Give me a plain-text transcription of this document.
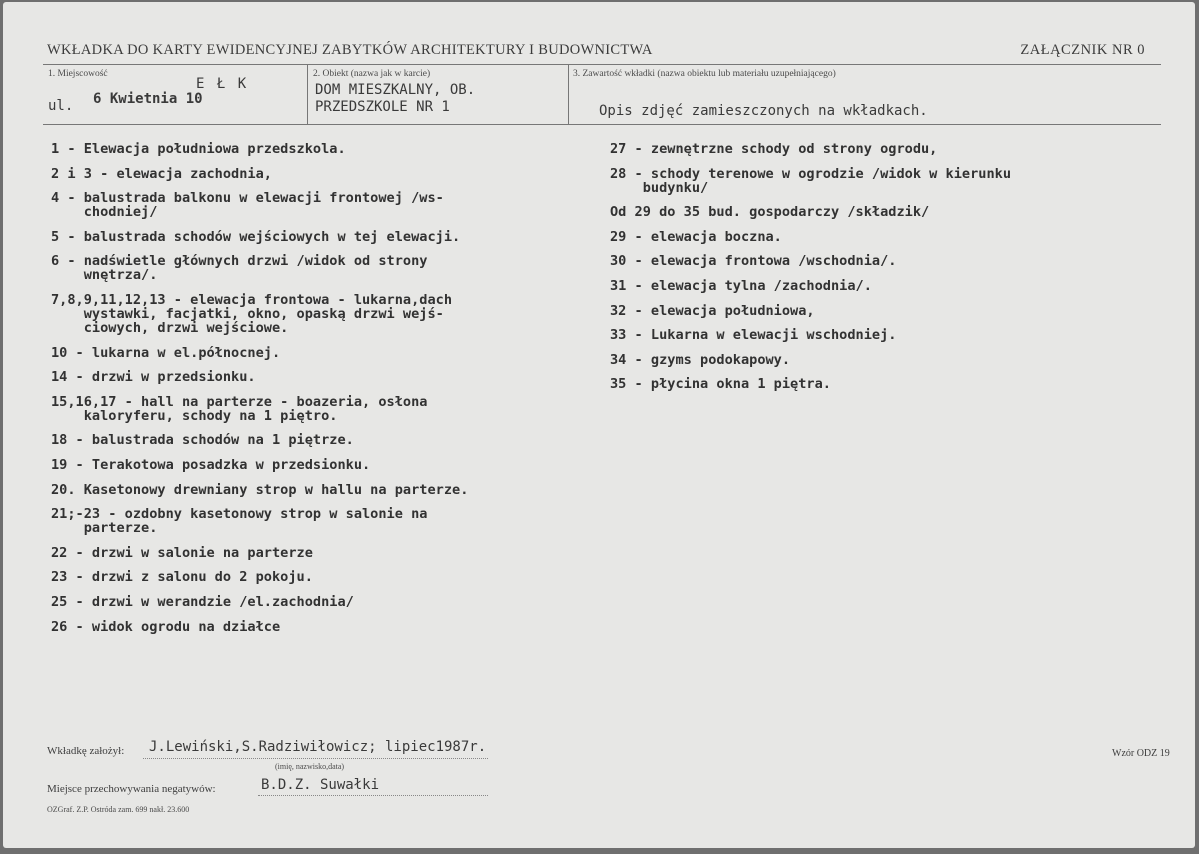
WKŁADKA DO KARTY EWIDENCYJNEJ ZABYTKÓW ARCHITEKTURY I BUDOWNICTWA	ZAŁĄCZNIK NR 0
1. Miejscowość
E Ł K
ul. 6 Kwietnia 10
2. Obiekt (nazwa jak w karcie)
DOM MIESZKALNY, OB.
PRZEDSZKOLE NR 1
3. Zawartość wkładki (nazwa obiektu lub materiału uzupełniającego)
Opis zdjęć zamieszczonych na wkładkach.
1 - Elewacja południowa przedszkola.
2 i 3 - elewacja zachodnia,
4 - balustrada balkonu w elewacji frontowej /ws-
chodniej/
5 - balustrada schodów wejściowych w tej elewacji.
6 - nadświetle głównych drzwi /widok od strony
wnętrza/.
7,8,9,11,12,13 - elewacja frontowa - lukarna,dach
wystawki, facjatki, okno, opaską drzwi wejś-
ciowych, drzwi wejściowe.
10 - lukarna w el.północnej.
14 - drzwi w przedsionku.
15,16,17 - hall na parterze - boazeria, osłona
kaloryferu, schody na 1 piętro.
18 - balustrada schodów na 1 piętrze.
19 - Terakotowa posadzka w przedsionku.
20. Kasetonowy drewniany strop w hallu na parterze.
21;-23 - ozdobny kasetonowy strop w salonie na
parterze.
22 - drzwi w salonie na parterze
23 - drzwi z salonu do 2 pokoju.
25 - drzwi w werandzie /el.zachodnia/
26 - widok ogrodu na działce
27 - zewnętrzne schody od strony ogrodu,
28 - schody terenowe w ogrodzie /widok w kierunku
budynku/
Od 29 do 35 bud. gospodarczy /składzik/
29 - elewacja boczna.
30 - elewacja frontowa /wschodnia/.
31 - elewacja tylna /zachodnia/.
32 - elewacja południowa,
33 - Lukarna w elewacji wschodniej.
34 - gzyms podokapowy.
35 - płycina okna 1 piętra.
Wkładkę założył: J.Lewiński,S.Radziwiłowicz; lipiec1987r.
(imię, nazwisko,data)
Miejsce przechowywania negatywów:	B.D.Z. Suwałki
OZGraf. Z.P. Ostróda zam. 699 nakł. 23.600
Wzór ODZ 19
